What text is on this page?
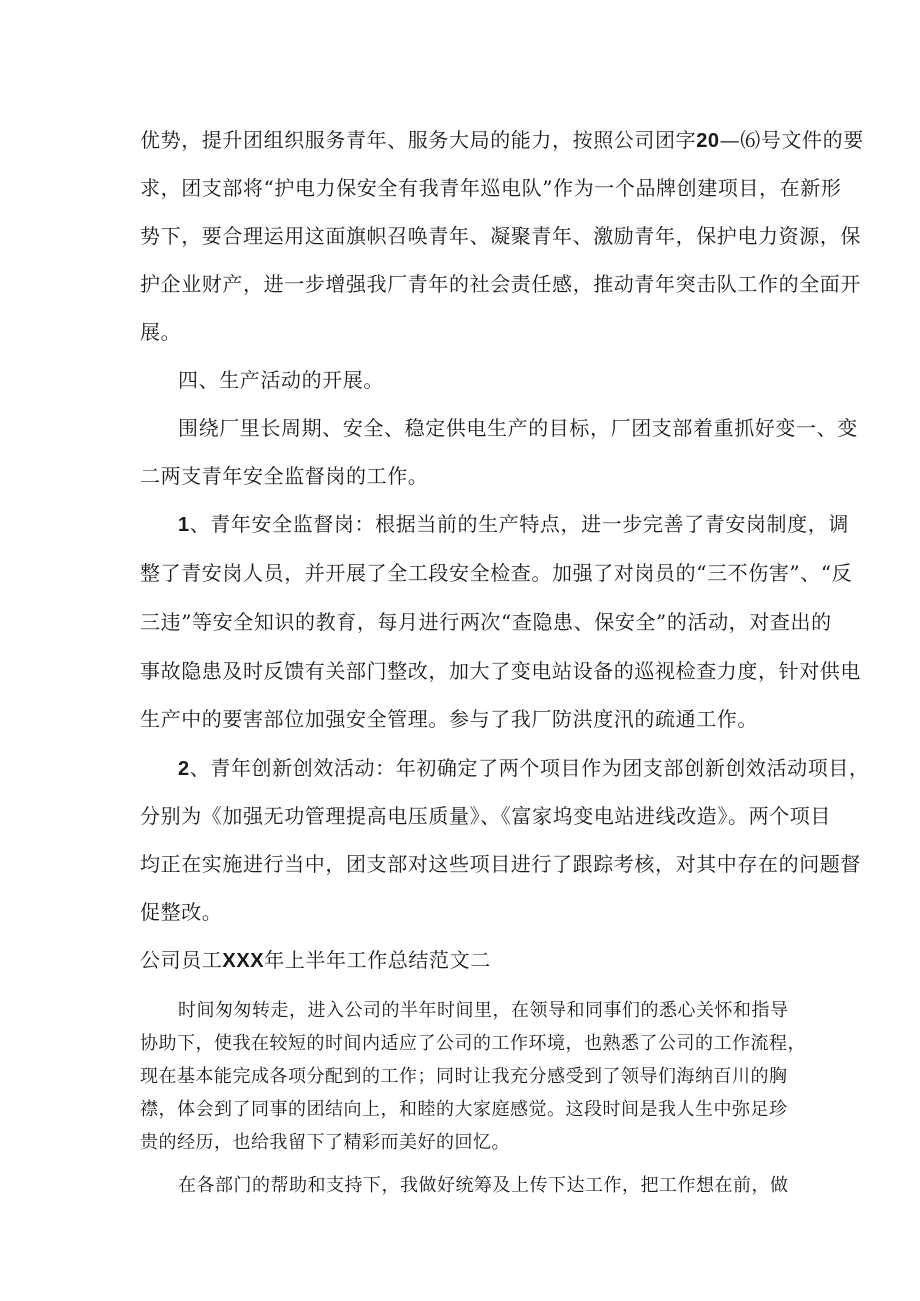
优势，提升团组织服务青年、服务大局的能力，按照公司团字20—⑹号文件的要
求，团支部将“护电力保安全有我青年巡电队”作为一个品牌创建项目，在新形
势下，要合理运用这面旗帜召唤青年、凝聚青年、激励青年，保护电力资源，保
护企业财产，进一步增强我厂青年的社会责任感，推动青年突击队工作的全面开
展。
四、生产活动的开展。
围绕厂里长周期、安全、稳定供电生产的目标，厂团支部着重抓好变一、变
二两支青年安全监督岗的工作。
1、青年安全监督岗：根据当前的生产特点，进一步完善了青安岗制度，调
整了青安岗人员，并开展了全工段安全检查。加强了对岗员的“三不伤害”、“反
三违”等安全知识的教育，每月进行两次“查隐患、保安全”的活动，对查出的
事故隐患及时反馈有关部门整改，加大了变电站设备的巡视检查力度，针对供电
生产中的要害部位加强安全管理。参与了我厂防洪度汛的疏通工作。
2、青年创新创效活动：年初确定了两个项目作为团支部创新创效活动项目，
分别为《加强无功管理提高电压质量》、《富家坞变电站进线改造》。两个项目
均正在实施进行当中，团支部对这些项目进行了跟踪考核，对其中存在的问题督
促整改。
公司员工XXX年上半年工作总结范文二
时间匆匆转走，进入公司的半年时间里，在领导和同事们的悉心关怀和指导
协助下，使我在较短的时间内适应了公司的工作环境，也熟悉了公司的工作流程，
现在基本能完成各项分配到的工作；同时让我充分感受到了领导们海纳百川的胸
襟，体会到了同事的团结向上，和睦的大家庭感觉。这段时间是我人生中弥足珍
贵的经历，也给我留下了精彩而美好的回忆。
在各部门的帮助和支持下，我做好统筹及上传下达工作，把工作想在前，做
